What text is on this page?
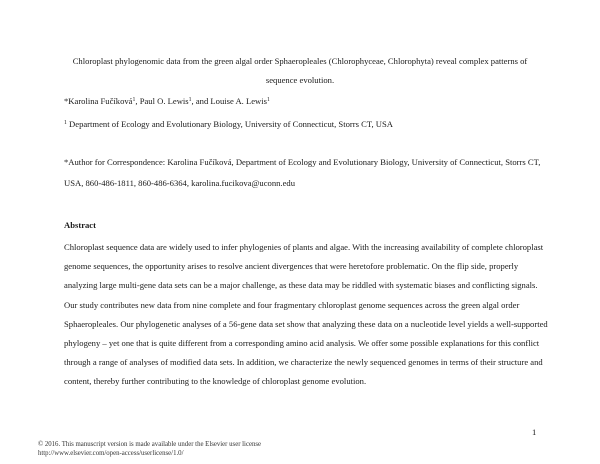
Chloroplast phylogenomic data from the green algal order Sphaeropleales (Chlorophyceae, Chlorophyta) reveal complex patterns of
sequence evolution.
*Karolina Fučíková$^1$, Paul O. Lewis$^1$, and Louise A. Lewis$^1$
$^1$ Department of Ecology and Evolutionary Biology, University of Connecticut, Storrs CT, USA
*Author for Correspondence: Karolina Fučíková, Department of Ecology and Evolutionary Biology, University of Connecticut, Storrs CT, USA, 860-486-1811, 860-486-6364, karolina.fucikova@uconn.edu
Abstract
Chloroplast sequence data are widely used to infer phylogenies of plants and algae. With the increasing availability of complete chloroplast genome sequences, the opportunity arises to resolve ancient divergences that were heretofore problematic. On the flip side, properly analyzing large multi-gene data sets can be a major challenge, as these data may be riddled with systematic biases and conflicting signals. Our study contributes new data from nine complete and four fragmentary chloroplast genome sequences across the green algal order Sphaeropleales. Our phylogenetic analyses of a 56-gene data set show that analyzing these data on a nucleotide level yields a well-supported phylogeny – yet one that is quite different from a corresponding amino acid analysis. We offer some possible explanations for this conflict through a range of analyses of modified data sets. In addition, we characterize the newly sequenced genomes in terms of their structure and content, thereby further contributing to the knowledge of chloroplast genome evolution.
1
© 2016. This manuscript version is made available under the Elsevier user license
http://www.elsevier.com/open-access/userlicense/1.0/
